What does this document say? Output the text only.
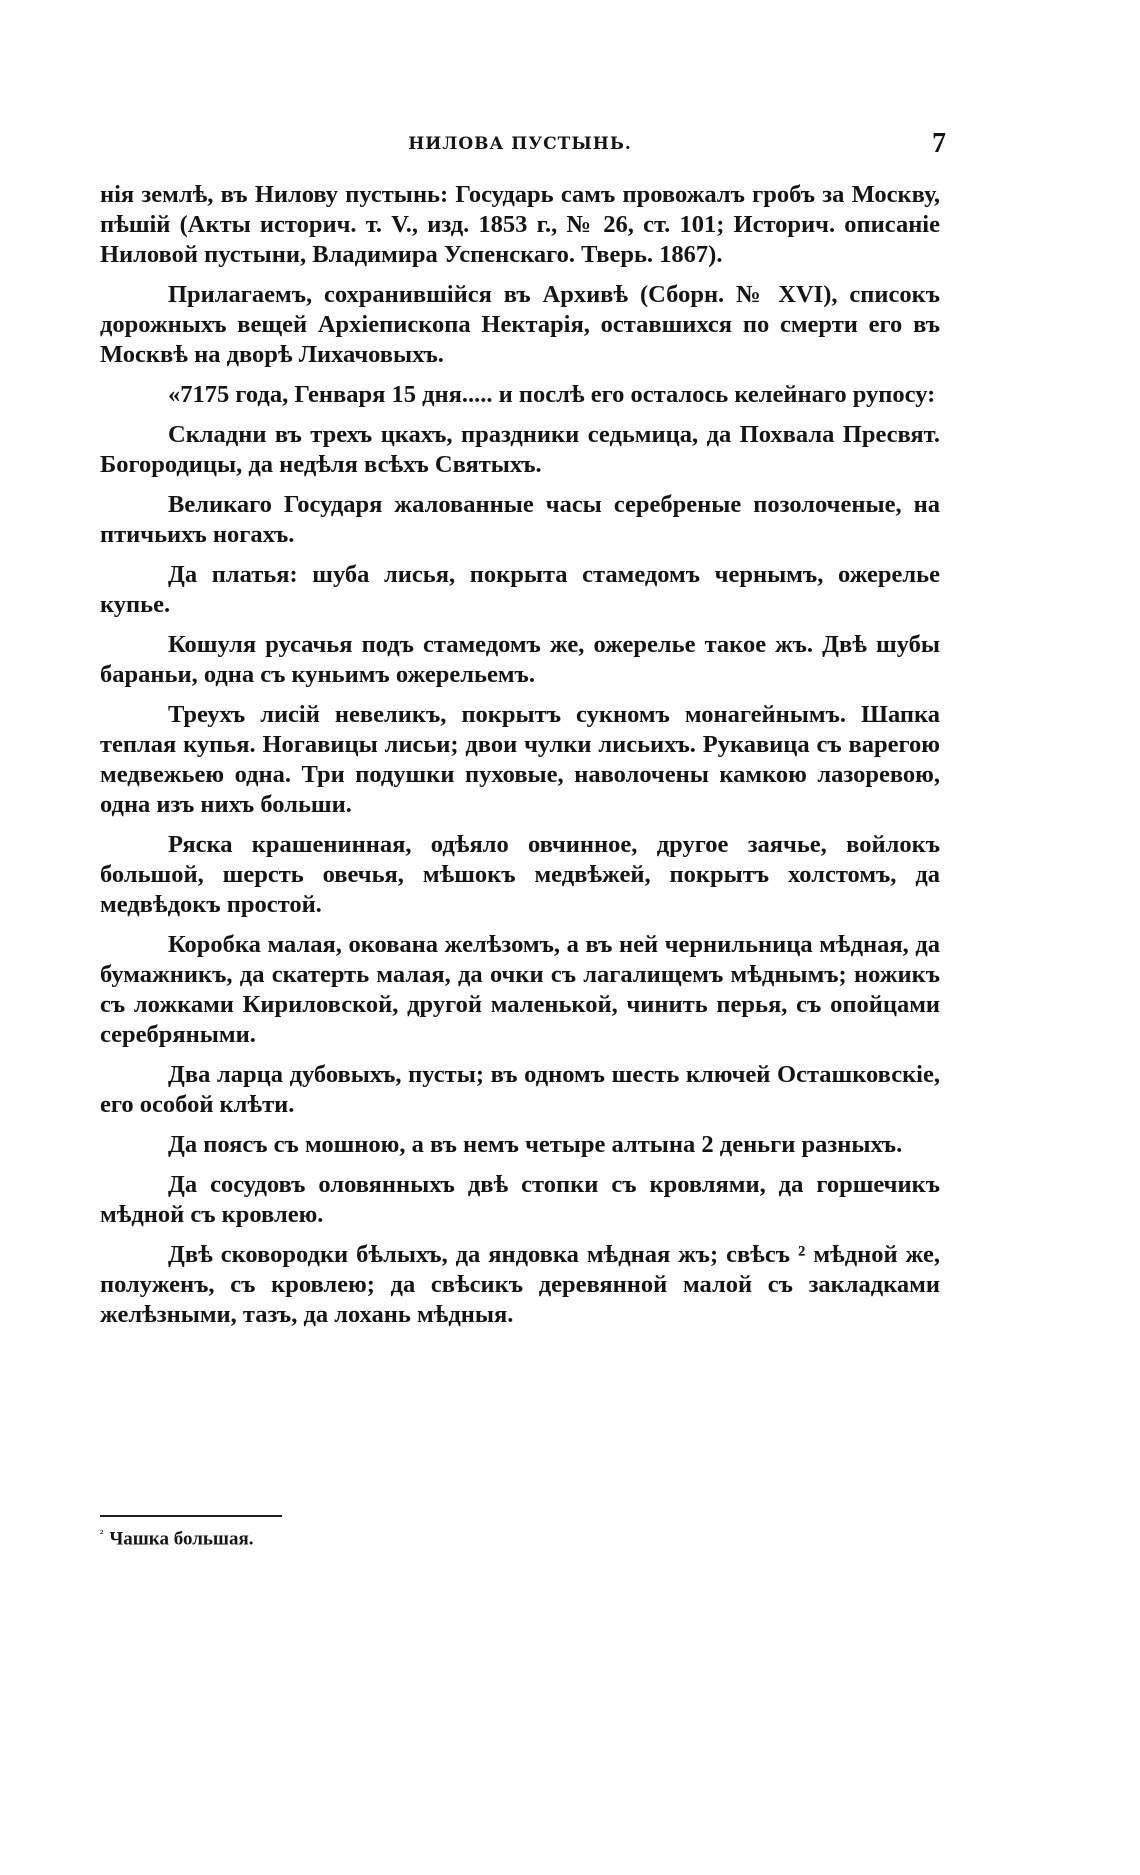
НИЛОВА ПУСТЫНЬ.	7

нія землѣ, въ Нилову пустынь: Государь самъ провожалъ гробъ за Москву, пѣшій (Акты историч. т. V., изд. 1853 г., № 26, ст. 101; Историч. описаніе Ниловой пустыни, Владимира Успенскаго. Тверь. 1867).

Прилагаемъ, сохранившійся въ Архивѣ (Сборн. № XVI), списокъ дорожныхъ вещей Архіепископа Нектарія, оставшихся по смерти его въ Москвѣ на дворѣ Лихачовыхъ.

«7175 года, Генваря 15 дня..... и послѣ его осталось келейнаго рупосу:

Складни въ трехъ цкахъ, праздники седьмица, да Похвала Пресвят. Богородицы, да недѣля всѣхъ Святыхъ.

Великаго Государя жалованные часы серебреные позолоченые, на птичьихъ ногахъ.

Да платья: шуба лисья, покрыта стамедомъ чернымъ, ожерелье купье.

Кошуля русачья подъ стамедомъ же, ожерелье такое жъ. Двѣ шубы бараньи, одна съ куньимъ ожерельемъ.

Треухъ лисій невеликъ, покрытъ сукномъ монагейнымъ. Шапка теплая купья. Ногавицы лисьи; двои чулки лисьихъ. Рукавица съ варегою медвежьею одна. Три подушки пуховые, наволочены камкою лазоревою, одна изъ нихъ больши.

Ряска крашенинная, одѣяло овчинное, другое заячье, войлокъ большой, шерсть овечья, мѣшокъ медвѣжей, покрытъ холстомъ, да медвѣдокъ простой.

Коробка малая, окована желѣзомъ, а въ ней чернильница мѣдная, да бумажникъ, да скатерть малая, да очки съ лагалищемъ мѣднымъ; ножикъ съ ложками Кириловской, другой маленькой, чинить перья, съ опойцами серебряными.

Два ларца дубовыхъ, пусты; въ одномъ шесть ключей Осташковскіе, его особой клѣти.

Да поясъ съ мошною, а въ немъ четыре алтына 2 деньги разныхъ.

Да сосудовъ оловянныхъ двѣ стопки съ кровлями, да горшечикъ мѣдной съ кровлею.

Двѣ сковородки бѣлыхъ, да яндовка мѣдная жъ; свѣсъ ² мѣдной же, полуженъ, съ кровлею; да свѣсикъ деревянной малой съ закладками желѣзными, тазъ, да лохань мѣдныя.

$^{^2}$ Чашка большая.
